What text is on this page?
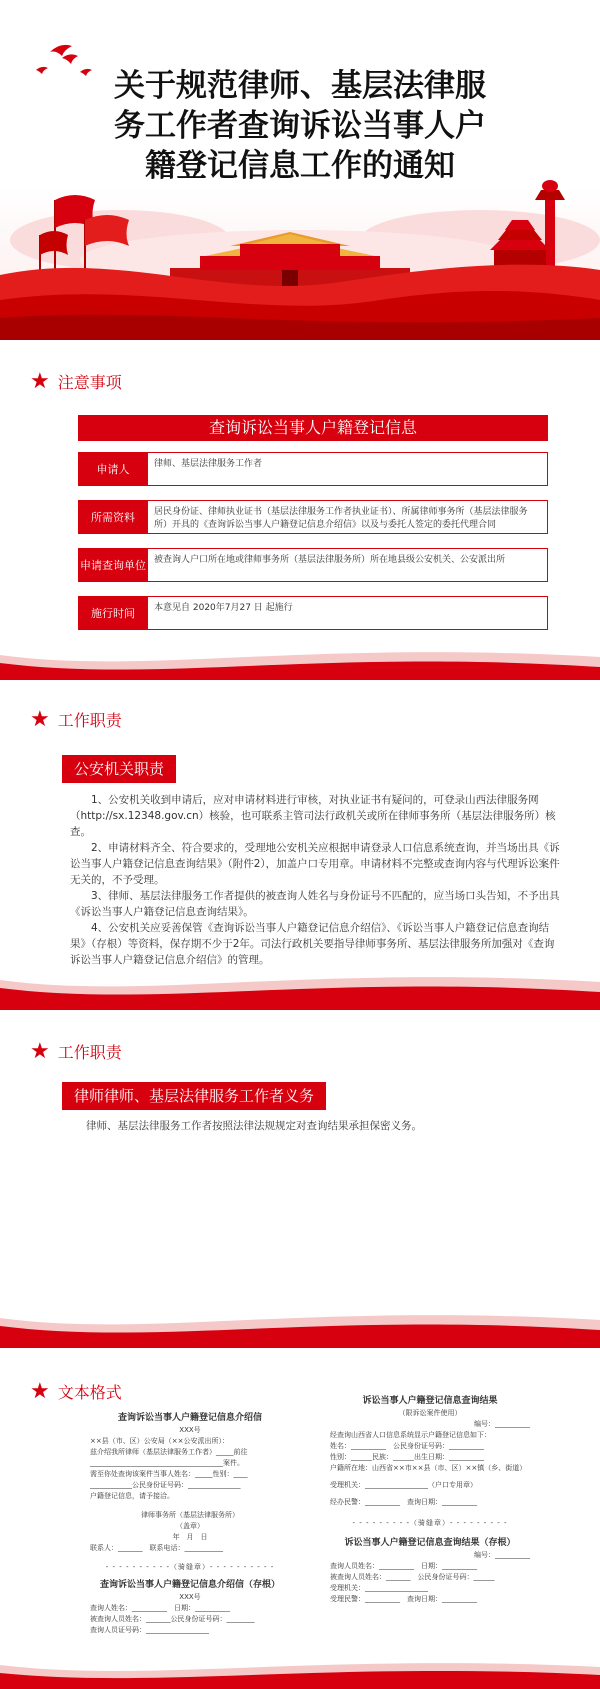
关于规范律师、基层法律服
务工作者查询诉讼当事人户
籍登记信息工作的通知
★ 注意事项
查询诉讼当事人户籍登记信息
申请人	律师、基层法律服务工作者
所需资料	居民身份证、律师执业证书（基层法律服务工作者执业证书）、所属律师事务所（基层法律服务所）开具的《查询诉讼当事人户籍登记信息介绍信》以及与委托人签定的委托代理合同
申请查询单位 被查询人户口所在地或律师事务所（基层法律服务所）所在地县级公安机关、公安派出所
施行时间	本意见自 2020年7月27 日 起施行
★ 工作职责
公安机关职责

1、公安机关收到申请后，应对申请材料进行审核，对执业证书有疑问的，可登录山西法律服务网（http://sx.12348.gov.cn）核验，也可联系主管司法行政机关或所在律师事务所（基层法律服务所）核查。

2、申请材料齐全、符合要求的，受理地公安机关应根据申请登录人口信息系统查询，并当场出具《诉讼当事人户籍登记信息查询结果》（附件2），加盖户口专用章。申请材料不完整或查询内容与代理诉讼案件无关的，不予受理。

3、律师、基层法律服务工作者提供的被查询人姓名与身份证号不匹配的，应当场口头告知，不予出具《诉讼当事人户籍登记信息查询结果》。

4、公安机关应妥善保管《查询诉讼当事人户籍登记信息介绍信》、《诉讼当事人户籍登记信息查询结果》（存根）等资料，保存期不少于2年。司法行政机关要指导律师事务所、基层法律服务所加强对《查询诉讼当事人户籍登记信息介绍信》的管理。

★ 工作职责
律师律师、基层法律服务工作者义务

律师、基层法律服务工作者按照法律法规规定对查询结果承担保密义务。

★ 文本格式
查询诉讼当事人户籍登记信息介绍信
XXX号
××县（市、区）公安局（××公安派出所）：
兹介绍我所律师（基层法律服务工作者）_____前往
______________________________________案件。
需至你处查询该案件当事人姓名：_____性别：____
____________公民身份证号码：_______________
户籍登记信息，请予接洽。
律师事务所（基层法律服务所）
（盖章）
年　月　日
联系人：_______　联系电话：___________
- - - - - - - - - -（骑缝章）- - - - - - - - - -
查询诉讼当事人户籍登记信息介绍信（存根）
XXX号
查询人姓名：__________　日期：__________
被查询人员姓名：_______公民身份证号码：________
查询人员证号码：__________________
诉讼当事人户籍登记信息查询结果
（限诉讼案件使用）
编号：__________
经查询山西省人口信息系统显示户籍登记信息如下：
姓名：__________　公民身份证号码：__________
性别：______民族：______出生日期：__________
户籍所在地：山西省××市××县（市、区）××镇（乡、街道）
受理机关：__________________（户口专用章）
经办民警：__________　查询日期：__________
- - - - - - - - -（骑缝章）- - - - - - - - -
诉讼当事人户籍登记信息查询结果（存根）
编号：__________
查询人员姓名：__________　日期：__________
被查询人员姓名：_______　公民身份证号码：______
受理机关：__________________
受理民警：__________　查询日期：__________
